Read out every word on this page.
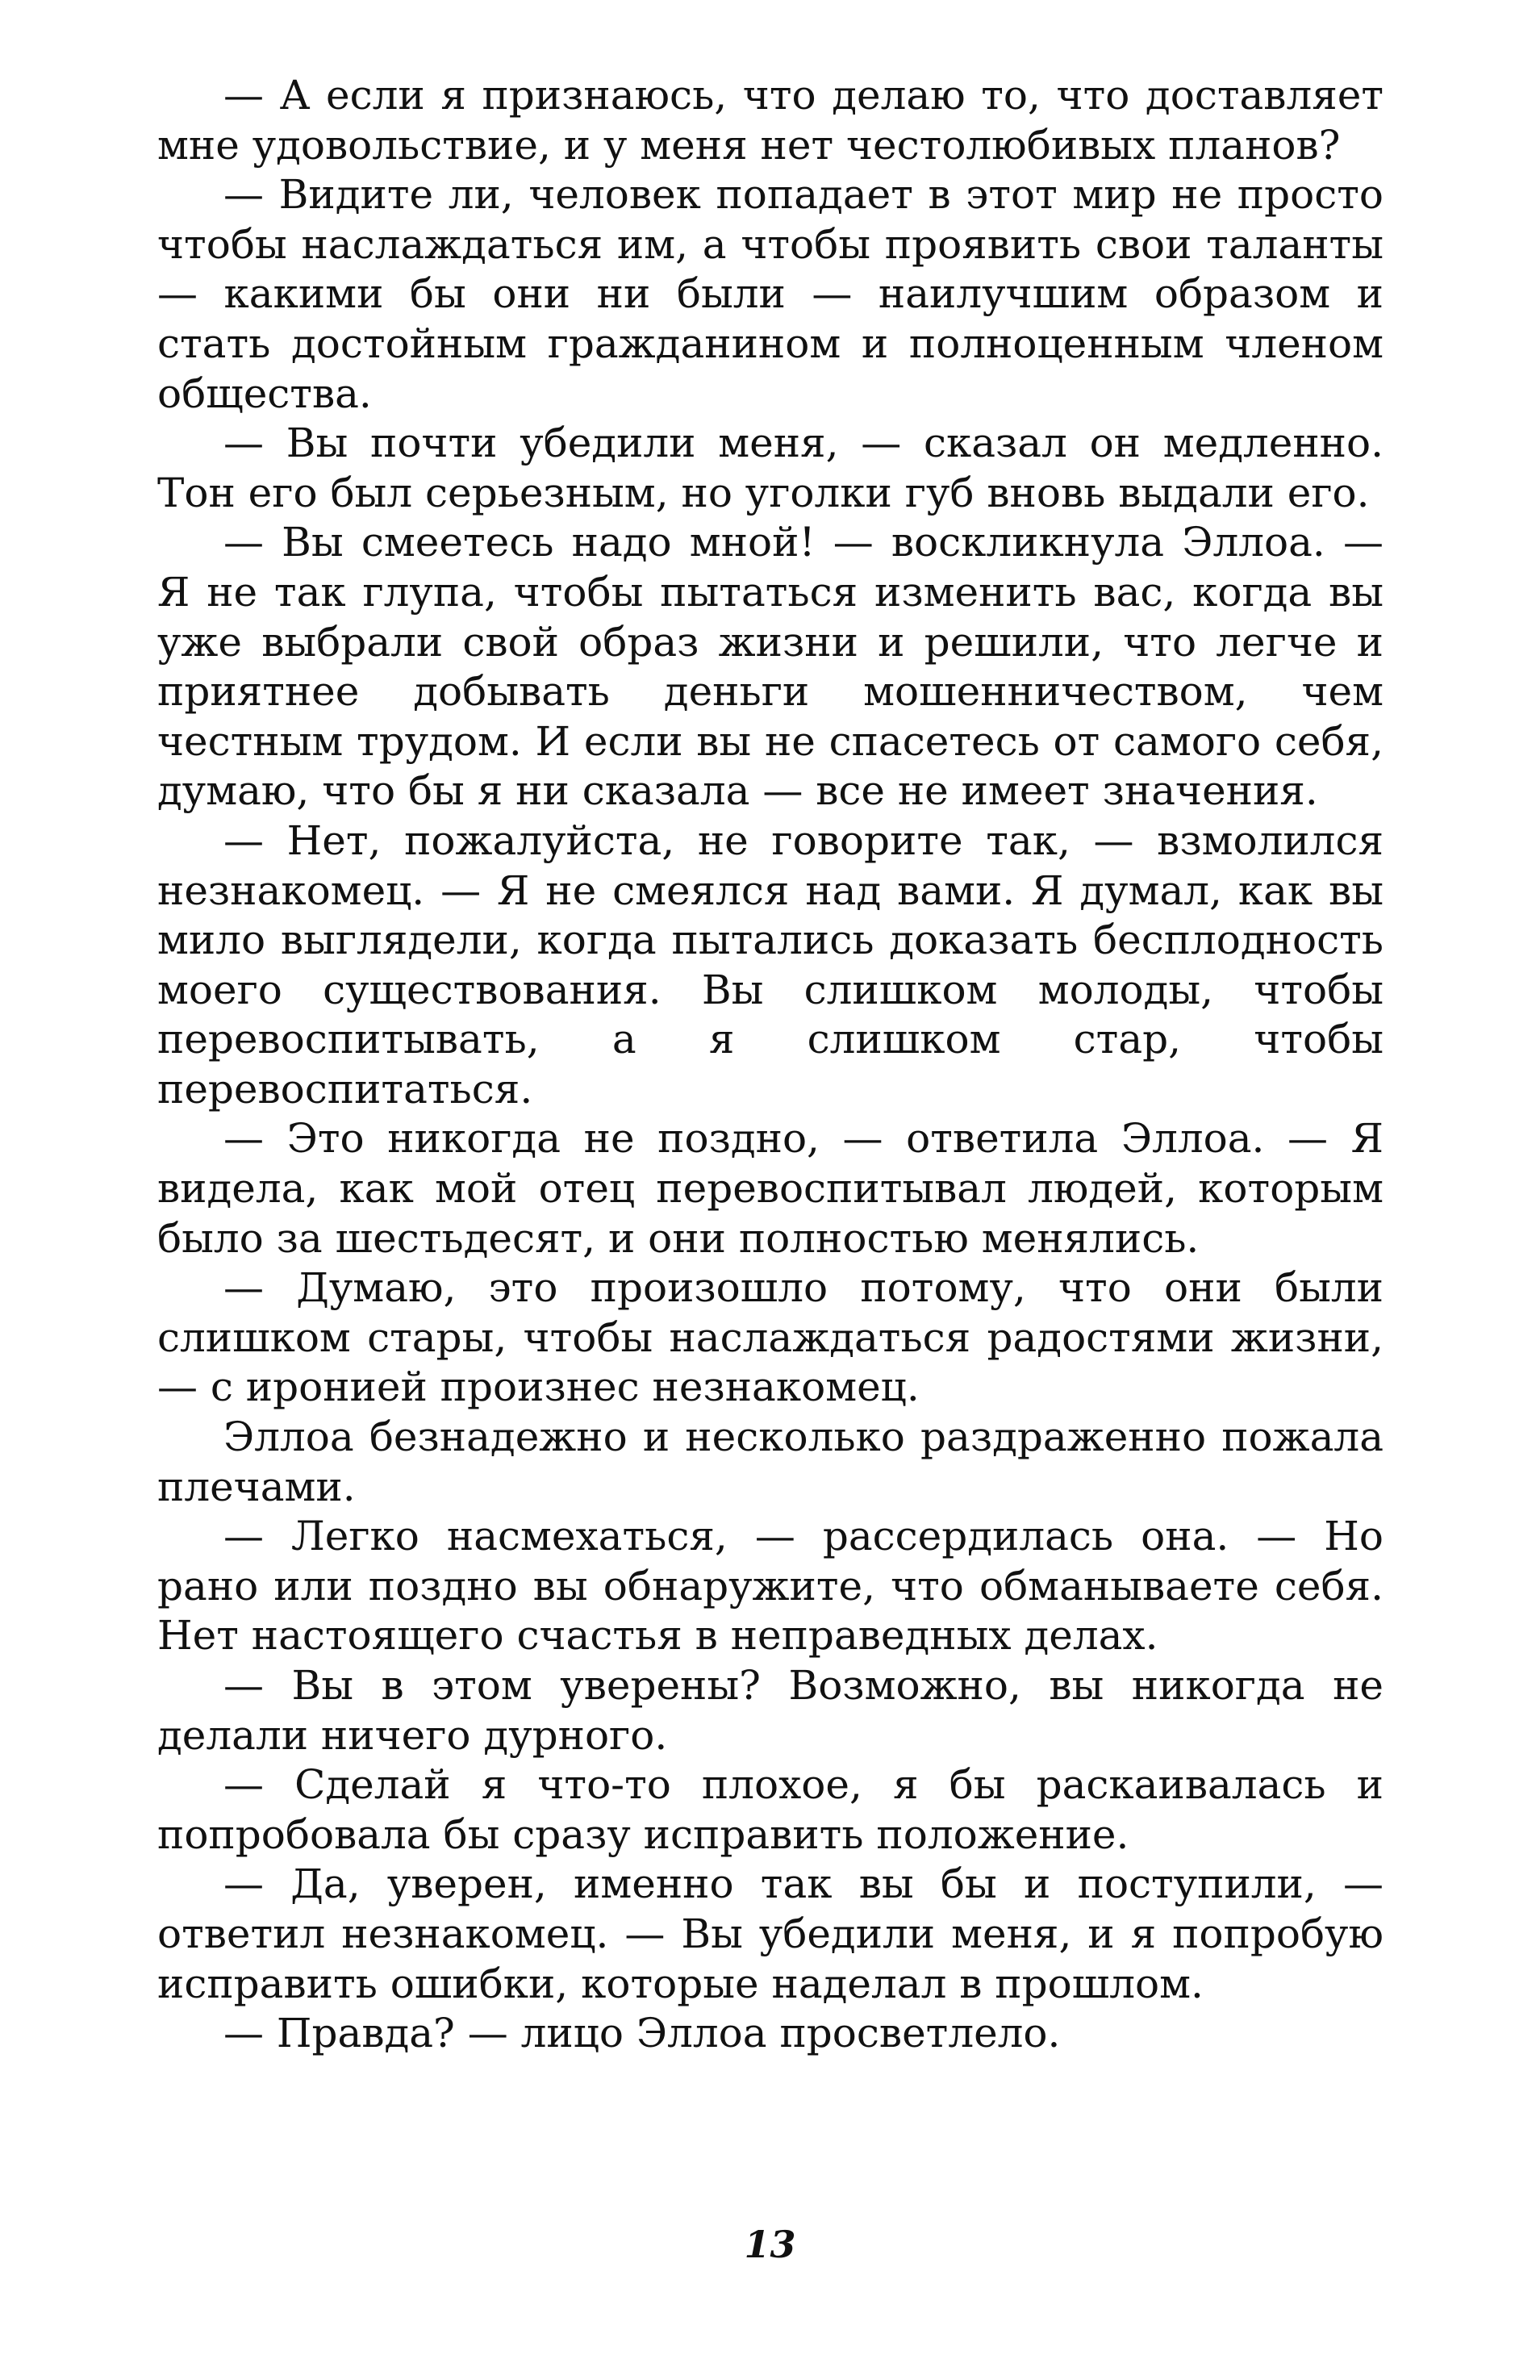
— А если я признаюсь, что делаю то, что доставляет мне удовольствие, и у меня нет честолюбивых планов?

— Видите ли, человек попадает в этот мир не просто чтобы наслаждаться им, а чтобы проявить свои таланты — какими бы они ни были — наилучшим образом и стать достойным гражданином и полноценным членом общества.

— Вы почти убедили меня, — сказал он медленно. Тон его был серьезным, но уголки губ вновь выдали его.

— Вы смеетесь надо мной! — воскликнула Эллоа. — Я не так глупа, чтобы пытаться изменить вас, когда вы уже выбрали свой образ жизни и решили, что легче и приятнее добывать деньги мошенничеством, чем честным трудом. И если вы не спасетесь от самого себя, думаю, что бы я ни сказала — все не имеет значения.

— Нет, пожалуйста, не говорите так, — взмолился незнакомец. — Я не смеялся над вами. Я думал, как вы мило выглядели, когда пытались доказать бесплодность моего существования. Вы слишком молоды, чтобы перевоспитывать, а я слишком стар, чтобы перевоспитаться.

— Это никогда не поздно, — ответила Эллоа. — Я видела, как мой отец перевоспитывал людей, которым было за шестьдесят, и они полностью менялись.

— Думаю, это произошло потому, что они были слишком стары, чтобы наслаждаться радостями жизни, — с иронией произнес незнакомец.

Эллоа безнадежно и несколько раздраженно пожала плечами.

— Легко насмехаться, — рассердилась она. — Но рано или поздно вы обнаружите, что обманываете себя. Нет настоящего счастья в неправедных делах.

— Вы в этом уверены? Возможно, вы никогда не делали ничего дурного.

— Сделай я что-то плохое, я бы раскаивалась и попробовала бы сразу исправить положение.

— Да, уверен, именно так вы бы и поступили, — ответил незнакомец. — Вы убедили меня, и я попробую исправить ошибки, которые наделал в прошлом.

— Правда? — лицо Эллоа просветлело.

13
